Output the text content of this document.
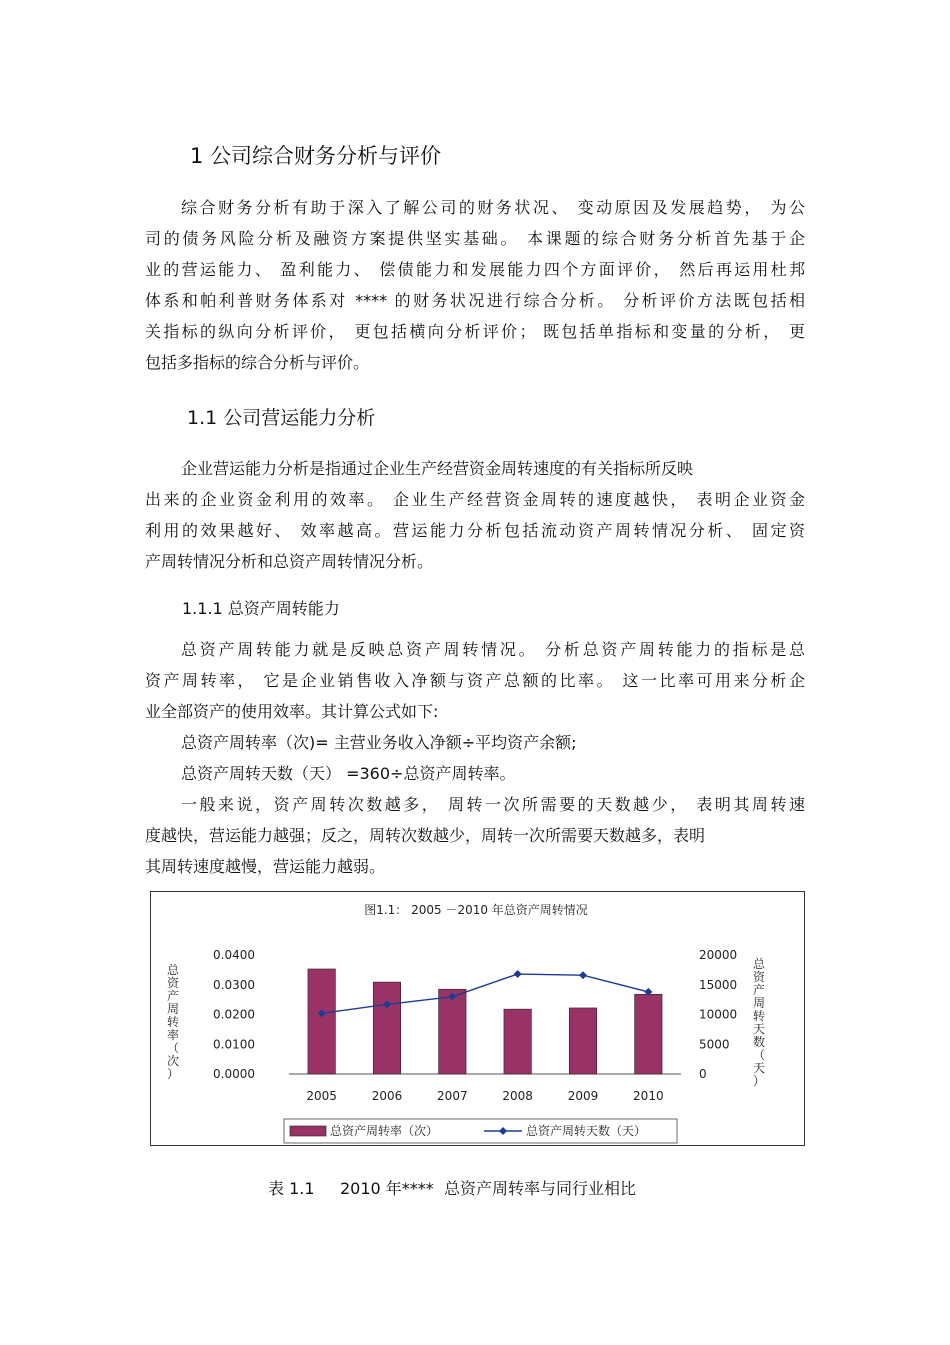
1 公司综合财务分析与评价

综合财务分析有助于深入了解公司的财务状况、 变动原因及发展趋势， 为公

司的债务风险分析及融资方案提供坚实基础。 本课题的综合财务分析首先基于企

业的营运能力、 盈利能力、 偿债能力和发展能力四个方面评价， 然后再运用杜邦

体系和帕利普财务体系对 **** 的财务状况进行综合分析。 分析评价方法既包括相

关指标的纵向分析评价， 更包括横向分析评价； 既包括单指标和变量的分析， 更

包括多指标的综合分析与评价。

1.1 公司营运能力分析

企业营运能力分析是指通过企业生产经营资金周转速度的有关指标所反映

出来的企业资金利用的效率。 企业生产经营资金周转的速度越快， 表明企业资金

利用的效果越好、 效率越高。营运能力分析包括流动资产周转情况分析、 固定资

产周转情况分析和总资产周转情况分析。

1.1.1 总资产周转能力

总资产周转能力就是反映总资产周转情况。 分析总资产周转能力的指标是总

资产周转率， 它是企业销售收入净额与资产总额的比率。 这一比率可用来分析企

业全部资产的使用效率。其计算公式如下:

总资产周转率（次)= 主营业务收入净额÷平均资产余额;

总资产周转天数（天） =360÷总资产周转率。

一般来说，资产周转次数越多， 周转一次所需要的天数越少， 表明其周转速

度越快，营运能力越强；反之，周转次数越少，周转一次所需要天数越多，表明

其周转速度越慢，营运能力越弱。

图1.1： 2005 －2010 年总资产周转情况
0.0400
0.0300
0.0200
0.0100
0.0000
20000
15000
10000
5000
0
总资产周转率（次）
总资产周转天数（天）
2005	2006	2007	2008	2009	2010
总资产周转率（次）	总资产周转天数（天）
表 1.1     2010 年****  总资产周转率与同行业相比
